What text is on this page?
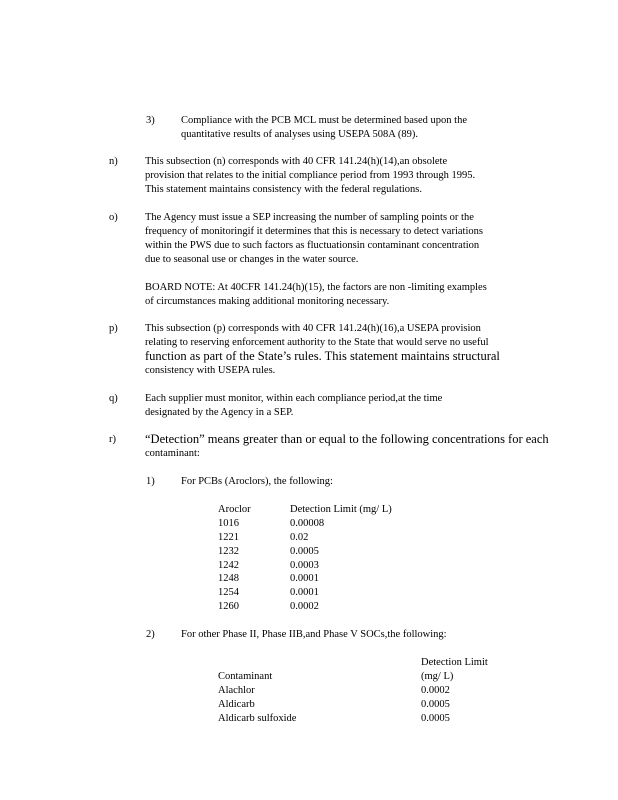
3)	Compliance with the PCB MCL must be determined based upon the
quantitative results of analyses using USEPA 508A (89).
n)	This subsection (n) corresponds with 40 CFR 141.24(h)(14),an obsolete
provision that relates to the initial compliance period from 1993 through 1995.
This statement maintains consistency with the federal regulations.
o)	The Agency must issue a SEP increasing the number of sampling points or the
frequency of monitoringif it determines that this is necessary to detect variations
within the PWS due to such factors as fluctuationsin contaminant concentration
due to seasonal use or changes in the water source.
BOARD NOTE: At 40CFR 141.24(h)(15), the factors are non -limiting examples
of circumstances making additional monitoring necessary.
p)	This subsection (p) corresponds with 40 CFR 141.24(h)(16),a USEPA provision
relating to reserving enforcement authority to the State that would serve no useful
function as part of the State’s rules. This statement maintains structural
consistency with USEPA rules.
q)	Each supplier must monitor, within each compliance period,at the time
designated by the Agency in a SEP.
r) “Detection” means greater than or equal to the following concentrations for each
contaminant:
1)	For PCBs (Aroclors), the following:
Aroclor	Detection Limit (mg/ L)
1016	0.00008
1221	0.02
1232	0.0005
1242	0.0003
1248	0.0001
1254	0.0001
1260	0.0002
2)	For other Phase II, Phase IIB,and Phase V SOCs,the following:
Detection Limit
Contaminant	(mg/ L)
Alachlor	0.0002
Aldicarb	0.0005
Aldicarb sulfoxide	0.0005
